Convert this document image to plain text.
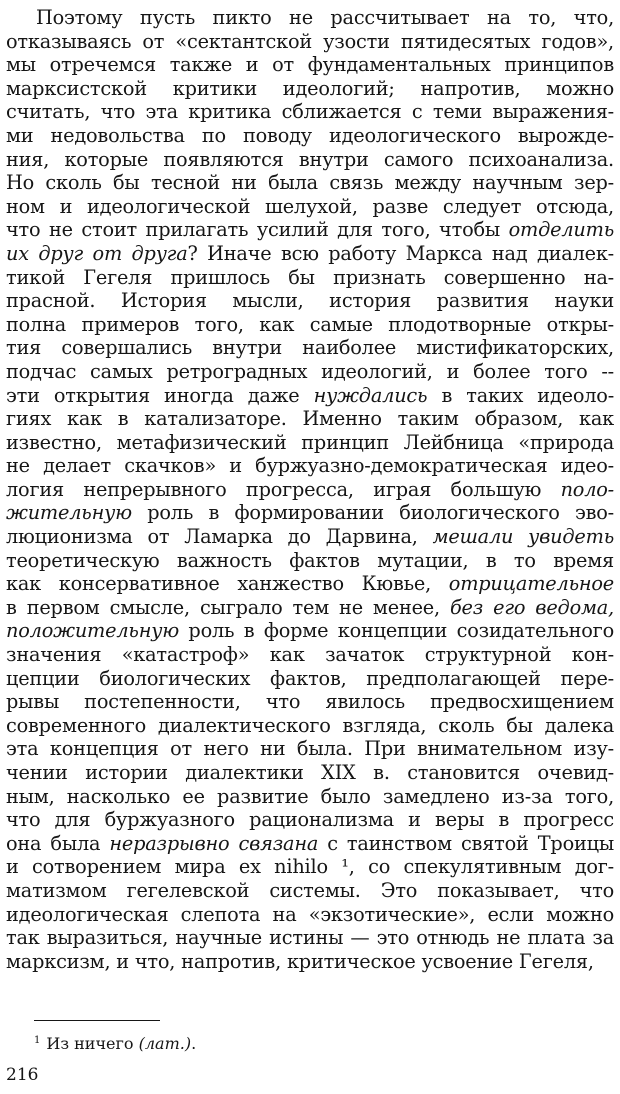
Поэтому пусть пикто не рассчитывает на то, что,
отказываясь от «сектантской узости пятидесятых годов»,
мы отречемся также и от фундаментальных принципов
марксистской критики идеологий; напротив, можно
считать, что эта критика сближается с теми выражения-
ми недовольства по поводу идеологического вырожде-
ния, которые появляются внутри самого психоанализа.
Но сколь бы тесной ни была связь между научным зер-
ном и идеологической шелухой, разве следует отсюда,
что не стоит прилагать усилий для того, чтобы отделить
их друг от друга? Иначе всю работу Маркса над диалек-
тикой Гегеля пришлось бы признать совершенно на-
прасной. История мысли, история развития науки
полна примеров того, как самые плодотворные откры-
тия совершались внутри наиболее мистификаторских,
подчас самых ретроградных идеологий, и более того --
эти открытия иногда даже нуждались в таких идеоло-
гиях как в катализаторе. Именно таким образом, как
известно, метафизический принцип Лейбница «природа
не делает скачков» и буржуазно-демократическая идео-
логия непрерывного прогресса, играя большую поло-
жительную роль в формировании биологического эво-
люционизма от Ламарка до Дарвина, мешали увидеть
теоретическую важность фактов мутации, в то время
как консервативное ханжество Кювье, отрицательное
в первом смысле, сыграло тем не менее, без его ведома,
положительную роль в форме концепции созидательного
значения «катастроф» как зачаток структурной кон-
цепции биологических фактов, предполагающей пере-
рывы постепенности, что явилось предвосхищением
современного диалектического взгляда, сколь бы далека
эта концепция от него ни была. При внимательном изу-
чении истории диалектики XIX в. становится очевид-
ным, насколько ее развитие было замедлено из-за того,
что для буржуазного рационализма и веры в прогресс
она была неразрывно связана с таинством святой Троицы
и сотворением мира ex nihilo ¹, со спекулятивным дог-
матизмом гегелевской системы. Это показывает, что
идеологическая слепота на «экзотические», если можно
так выразиться, научные истины — это отнюдь не плата за
марксизм, и что, напротив, критическое усвоение Гегеля,
$^1$ Из ничего (лат.).
216
